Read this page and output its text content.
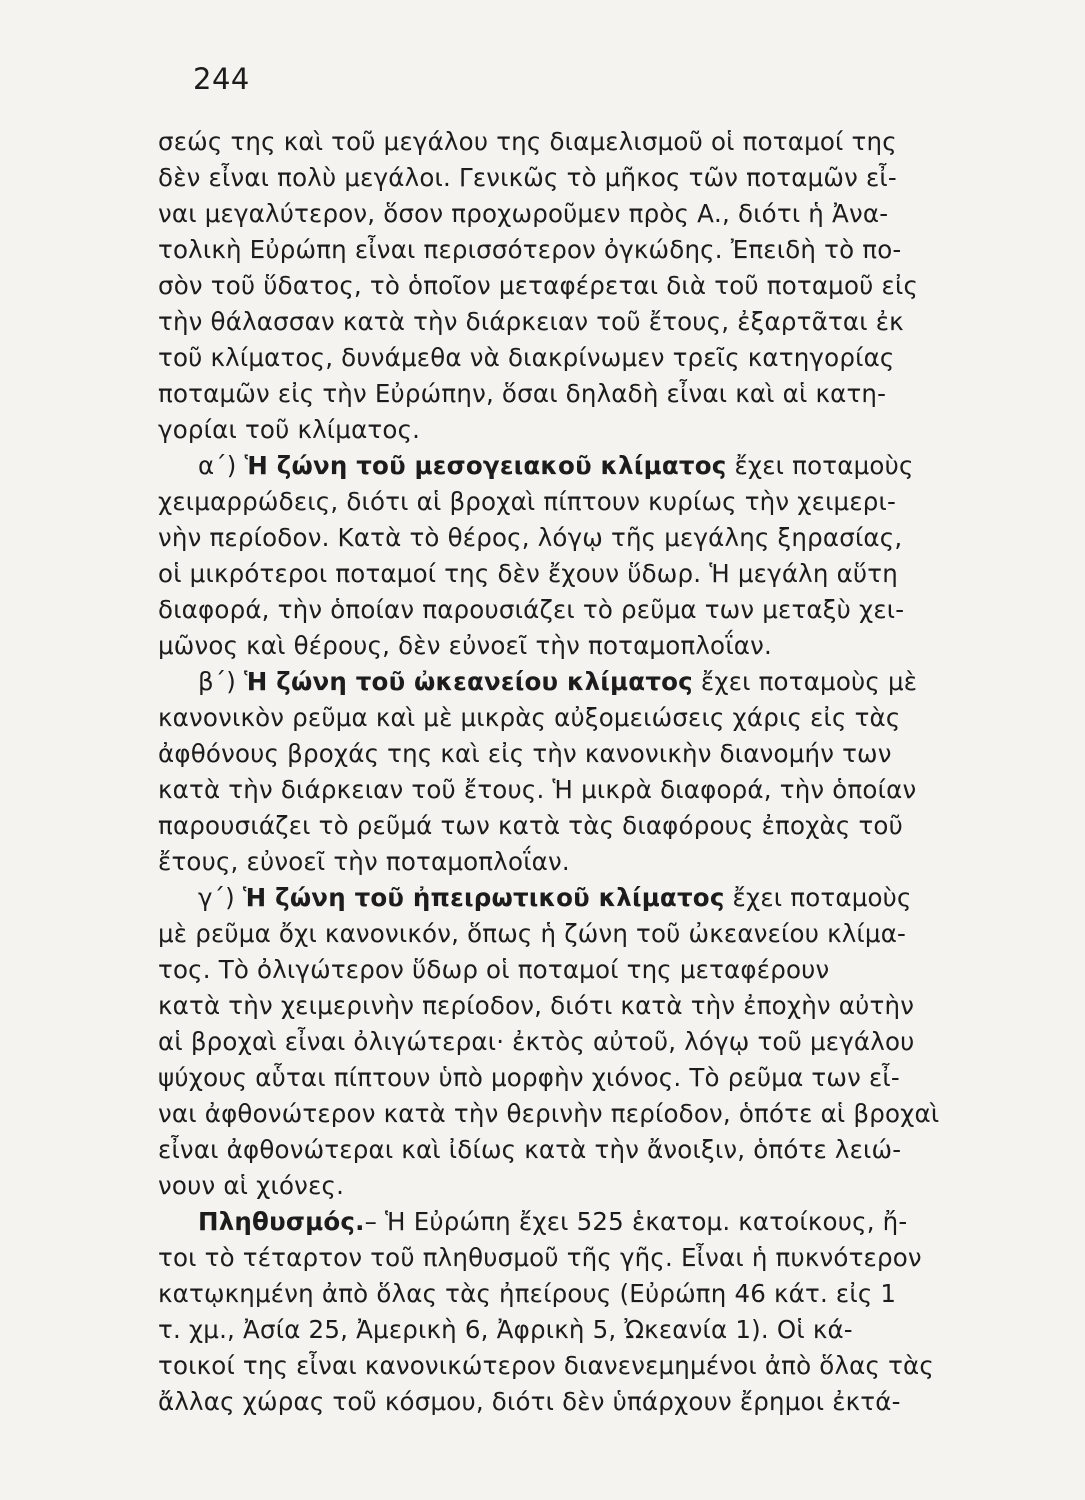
244
σεώς της καὶ τοῦ μεγάλου της διαμελισμοῦ οἱ ποταμοί της
δὲν εἶναι πολὺ μεγάλοι. Γενικῶς τὸ μῆκος τῶν ποταμῶν εἶ-
ναι μεγαλύτερον, ὅσον προχωροῦμεν πρὸς Α., διότι ἡ Ἀνα-
τολικὴ Εὐρώπη εἶναι περισσότερον ὀγκώδης. Ἐπειδὴ τὸ πο-
σὸν τοῦ ὕδατος, τὸ ὁποῖον μεταφέρεται διὰ τοῦ ποταμοῦ εἰς
τὴν θάλασσαν κατὰ τὴν διάρκειαν τοῦ ἔτους, ἐξαρτᾶται ἐκ
τοῦ κλίματος, δυνάμεθα νὰ διακρίνωμεν τρεῖς κατηγορίας
ποταμῶν εἰς τὴν Εὐρώπην, ὅσαι δηλαδὴ εἶναι καὶ αἱ κατη-
γορίαι τοῦ κλίματος.
α΄) Ἡ ζώνη τοῦ μεσογειακοῦ κλίματος ἔχει ποταμοὺς
χειμαρρώδεις, διότι αἱ βροχαὶ πίπτουν κυρίως τὴν χειμερι-
νὴν περίοδον. Κατὰ τὸ θέρος, λόγῳ τῆς μεγάλης ξηρασίας,
οἱ μικρότεροι ποταμοί της δὲν ἔχουν ὕδωρ. Ἡ μεγάλη αὕτη
διαφορά, τὴν ὁποίαν παρουσιάζει τὸ ρεῦμα των μεταξὺ χει-
μῶνος καὶ θέρους, δὲν εὐνοεῖ τὴν ποταμοπλοΐαν.
β΄) Ἡ ζώνη τοῦ ὠκεανείου κλίματος ἔχει ποταμοὺς μὲ
κανονικὸν ρεῦμα καὶ μὲ μικρὰς αὐξομειώσεις χάρις εἰς τὰς
ἀφθόνους βροχάς της καὶ εἰς τὴν κανονικὴν διανομήν των
κατὰ τὴν διάρκειαν τοῦ ἔτους. Ἡ μικρὰ διαφορά, τὴν ὁποίαν
παρουσιάζει τὸ ρεῦμά των κατὰ τὰς διαφόρους ἐποχὰς τοῦ
ἔτους, εὐνοεῖ τὴν ποταμοπλοΐαν.
γ΄) Ἡ ζώνη τοῦ ἠπειρωτικοῦ κλίματος ἔχει ποταμοὺς
μὲ ρεῦμα ὄχι κανονικόν, ὅπως ἡ ζώνη τοῦ ὠκεανείου κλίμα-
τος. Τὸ ὀλιγώτερον ὕδωρ οἱ ποταμοί της μεταφέρουν
κατὰ τὴν χειμερινὴν περίοδον, διότι κατὰ τὴν ἐποχὴν αὐτὴν
αἱ βροχαὶ εἶναι ὀλιγώτεραι· ἐκτὸς αὐτοῦ, λόγῳ τοῦ μεγάλου
ψύχους αὗται πίπτουν ὑπὸ μορφὴν χιόνος. Τὸ ρεῦμα των εἶ-
ναι ἀφθονώτερον κατὰ τὴν θερινὴν περίοδον, ὁπότε αἱ βροχαὶ
εἶναι ἀφθονώτεραι καὶ ἰδίως κατὰ τὴν ἄνοιξιν, ὁπότε λειώ-
νουν αἱ χιόνες.
Πληθυσμός.– Ἡ Εὐρώπη ἔχει 525 ἑκατομ. κατοίκους, ἤ-
τοι τὸ τέταρτον τοῦ πληθυσμοῦ τῆς γῆς. Εἶναι ἡ πυκνότερον
κατῳκημένη ἀπὸ ὅλας τὰς ἠπείρους (Εὐρώπη 46 κάτ. εἰς 1
τ. χμ., Ἀσία 25, Ἀμερικὴ 6, Ἀφρικὴ 5, Ὠκεανία 1). Οἱ κά-
τοικοί της εἶναι κανονικώτερον διανενεμημένοι ἀπὸ ὅλας τὰς
ἄλλας χώρας τοῦ κόσμου, διότι δὲν ὑπάρχουν ἔρημοι ἐκτά-
